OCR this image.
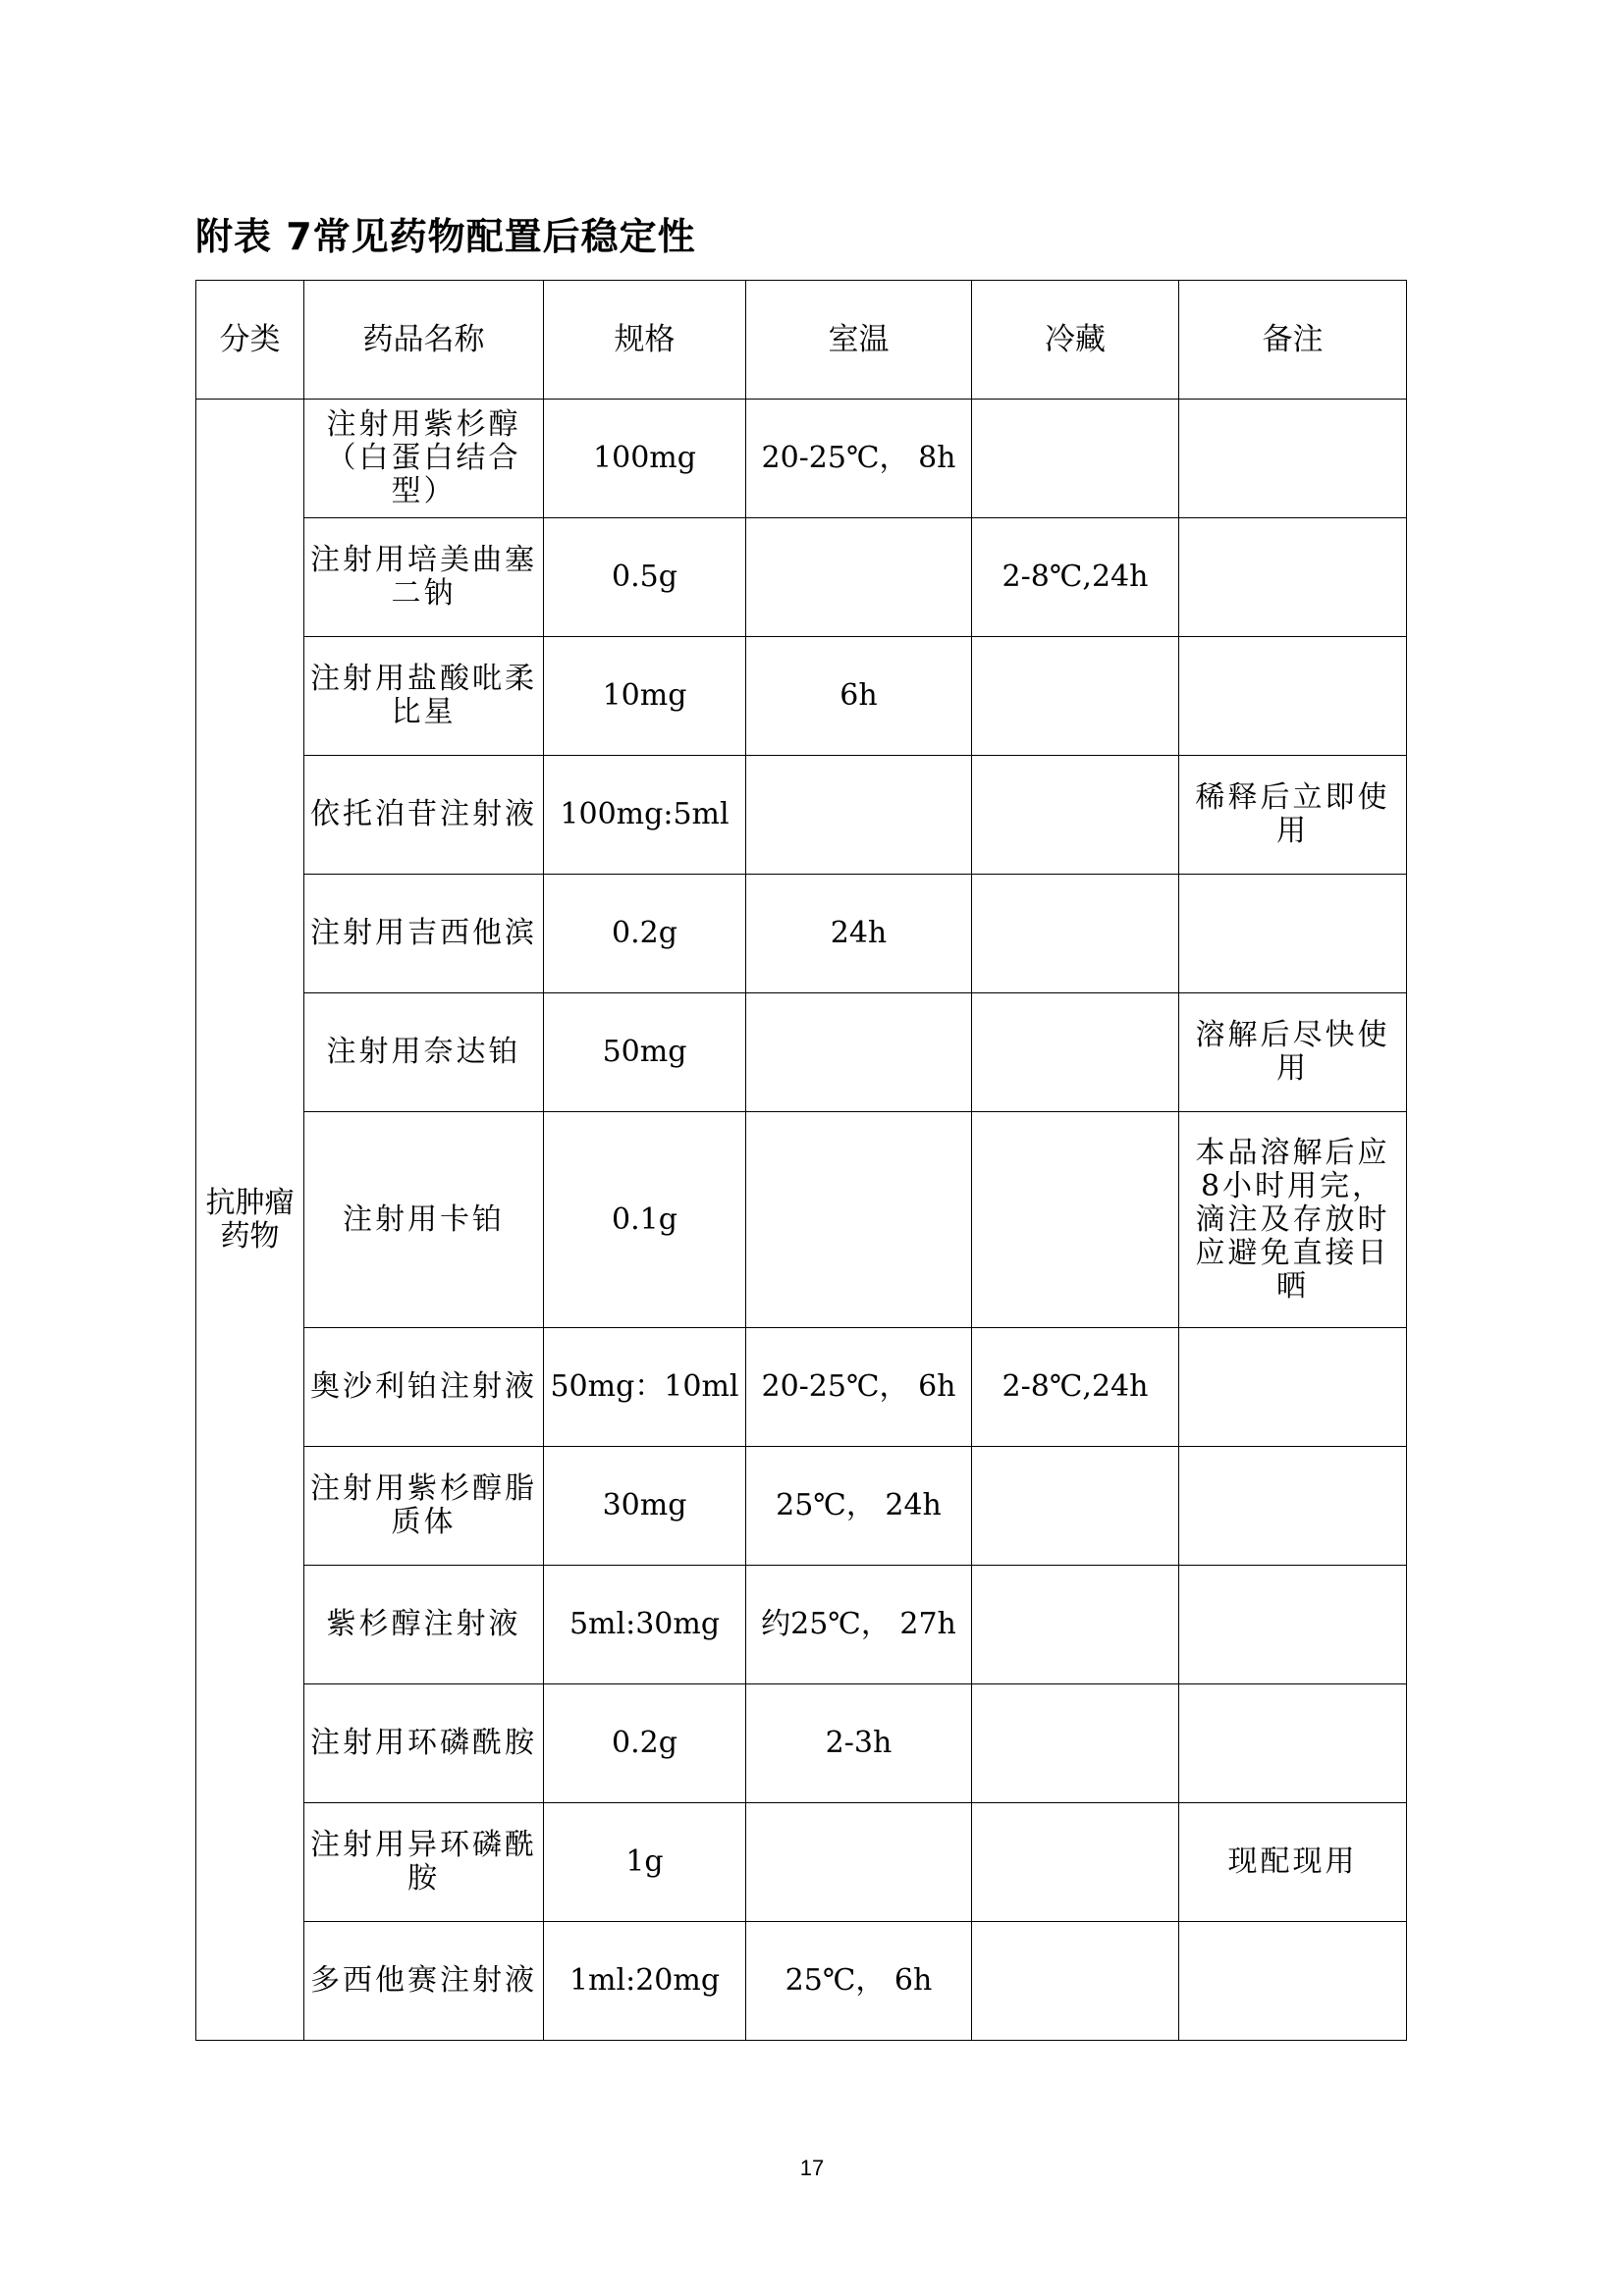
附表 7常见药物配置后稳定性
分类	药品名称	规格	室温	冷藏	备注
抗肿瘤药物	注射用紫杉醇（白蛋白结合型）	100mg	20-25℃， 8h		
	注射用培美曲塞二钠	0.5g		2-8℃,24h	
	注射用盐酸吡柔比星	10mg	6h		
	依托泊苷注射液	100mg:5ml			稀释后立即使用
	注射用吉西他滨	0.2g	24h		
	注射用奈达铂	50mg			溶解后尽快使用
	注射用卡铂	0.1g			本品溶解后应8小时用完，滴注及存放时 应避免直接日晒
	奥沙利铂注射液	50mg：10ml	20-25℃， 6h	2-8℃,24h	
	注射用紫杉醇脂质体	30mg	25℃， 24h		
	紫杉醇注射液	5ml:30mg	约25℃， 27h		
	注射用环磷酰胺	0.2g	2-3h		
	注射用异环磷酰胺	1g			现配现用
	多西他赛注射液	1ml:20mg	25℃， 6h		
17
